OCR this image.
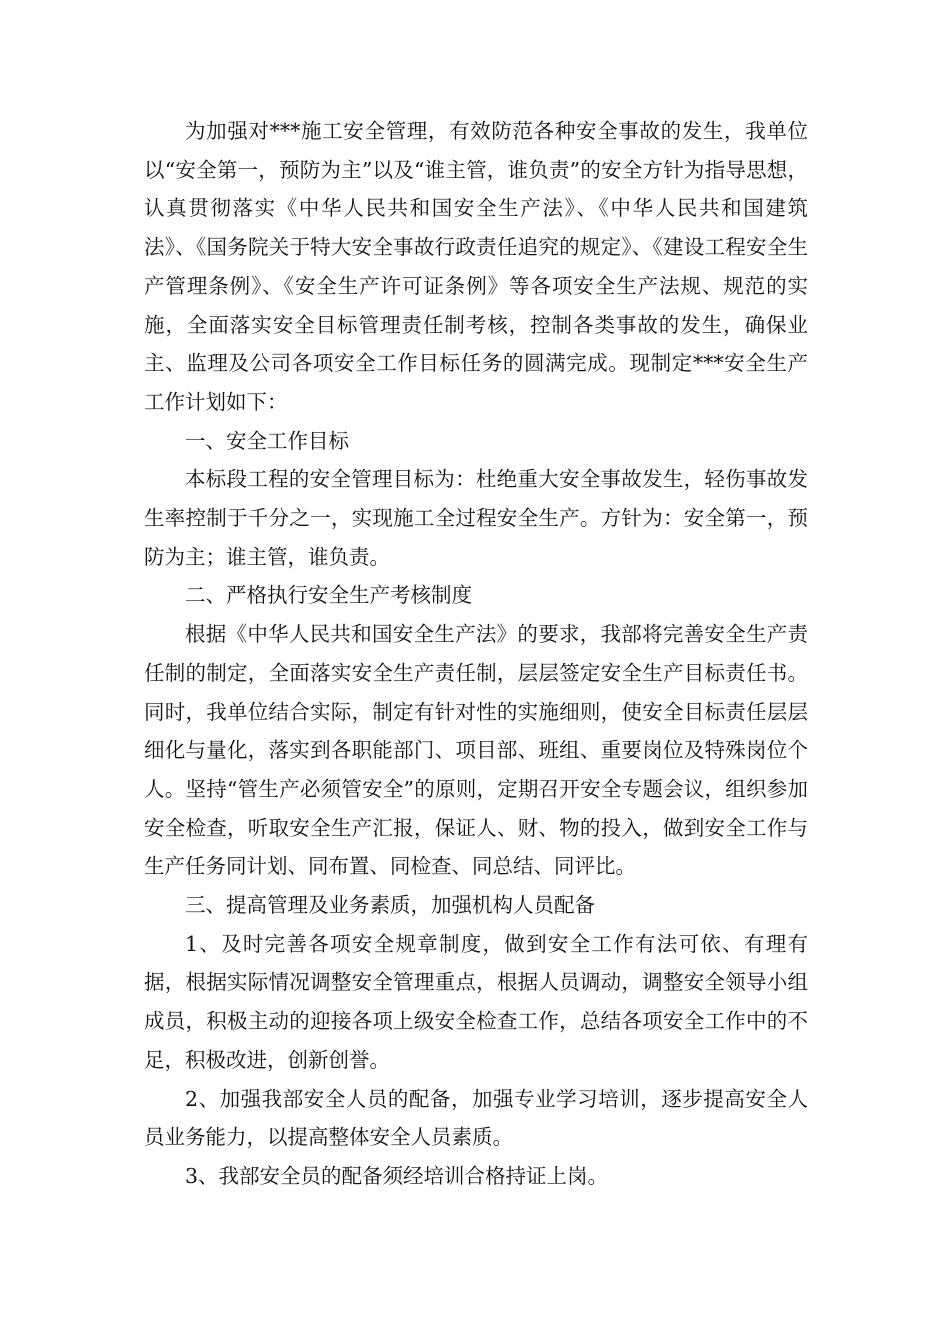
为加强对***施工安全管理，有效防范各种安全事故的发生，我单位以“安全第一，预防为主”以及“谁主管，谁负责”的安全方针为指导思想，认真贯彻落实《中华人民共和国安全生产法》、《中华人民共和国建筑法》、《国务院关于特大安全事故行政责任追究的规定》、《建设工程安全生产管理条例》、《安全生产许可证条例》等各项安全生产法规、规范的实施，全面落实安全目标管理责任制考核，控制各类事故的发生，确保业主、监理及公司各项安全工作目标任务的圆满完成。现制定***安全生产工作计划如下：

一、安全工作目标

本标段工程的安全管理目标为：杜绝重大安全事故发生，轻伤事故发生率控制于千分之一，实现施工全过程安全生产。方针为：安全第一，预防为主；谁主管，谁负责。

二、严格执行安全生产考核制度

根据《中华人民共和国安全生产法》的要求，我部将完善安全生产责任制的制定，全面落实安全生产责任制，层层签定安全生产目标责任书。同时，我单位结合实际，制定有针对性的实施细则，使安全目标责任层层细化与量化，落实到各职能部门、项目部、班组、重要岗位及特殊岗位个人。坚持“管生产必须管安全”的原则，定期召开安全专题会议，组织参加安全检查，听取安全生产汇报，保证人、财、物的投入，做到安全工作与生产任务同计划、同布置、同检查、同总结、同评比。

三、提高管理及业务素质，加强机构人员配备

1、及时完善各项安全规章制度，做到安全工作有法可依、有理有据，根据实际情况调整安全管理重点，根据人员调动，调整安全领导小组成员，积极主动的迎接各项上级安全检查工作，总结各项安全工作中的不足，积极改进，创新创誉。

2、加强我部安全人员的配备，加强专业学习培训，逐步提高安全人员业务能力，以提高整体安全人员素质。

3、我部安全员的配备须经培训合格持证上岗。
